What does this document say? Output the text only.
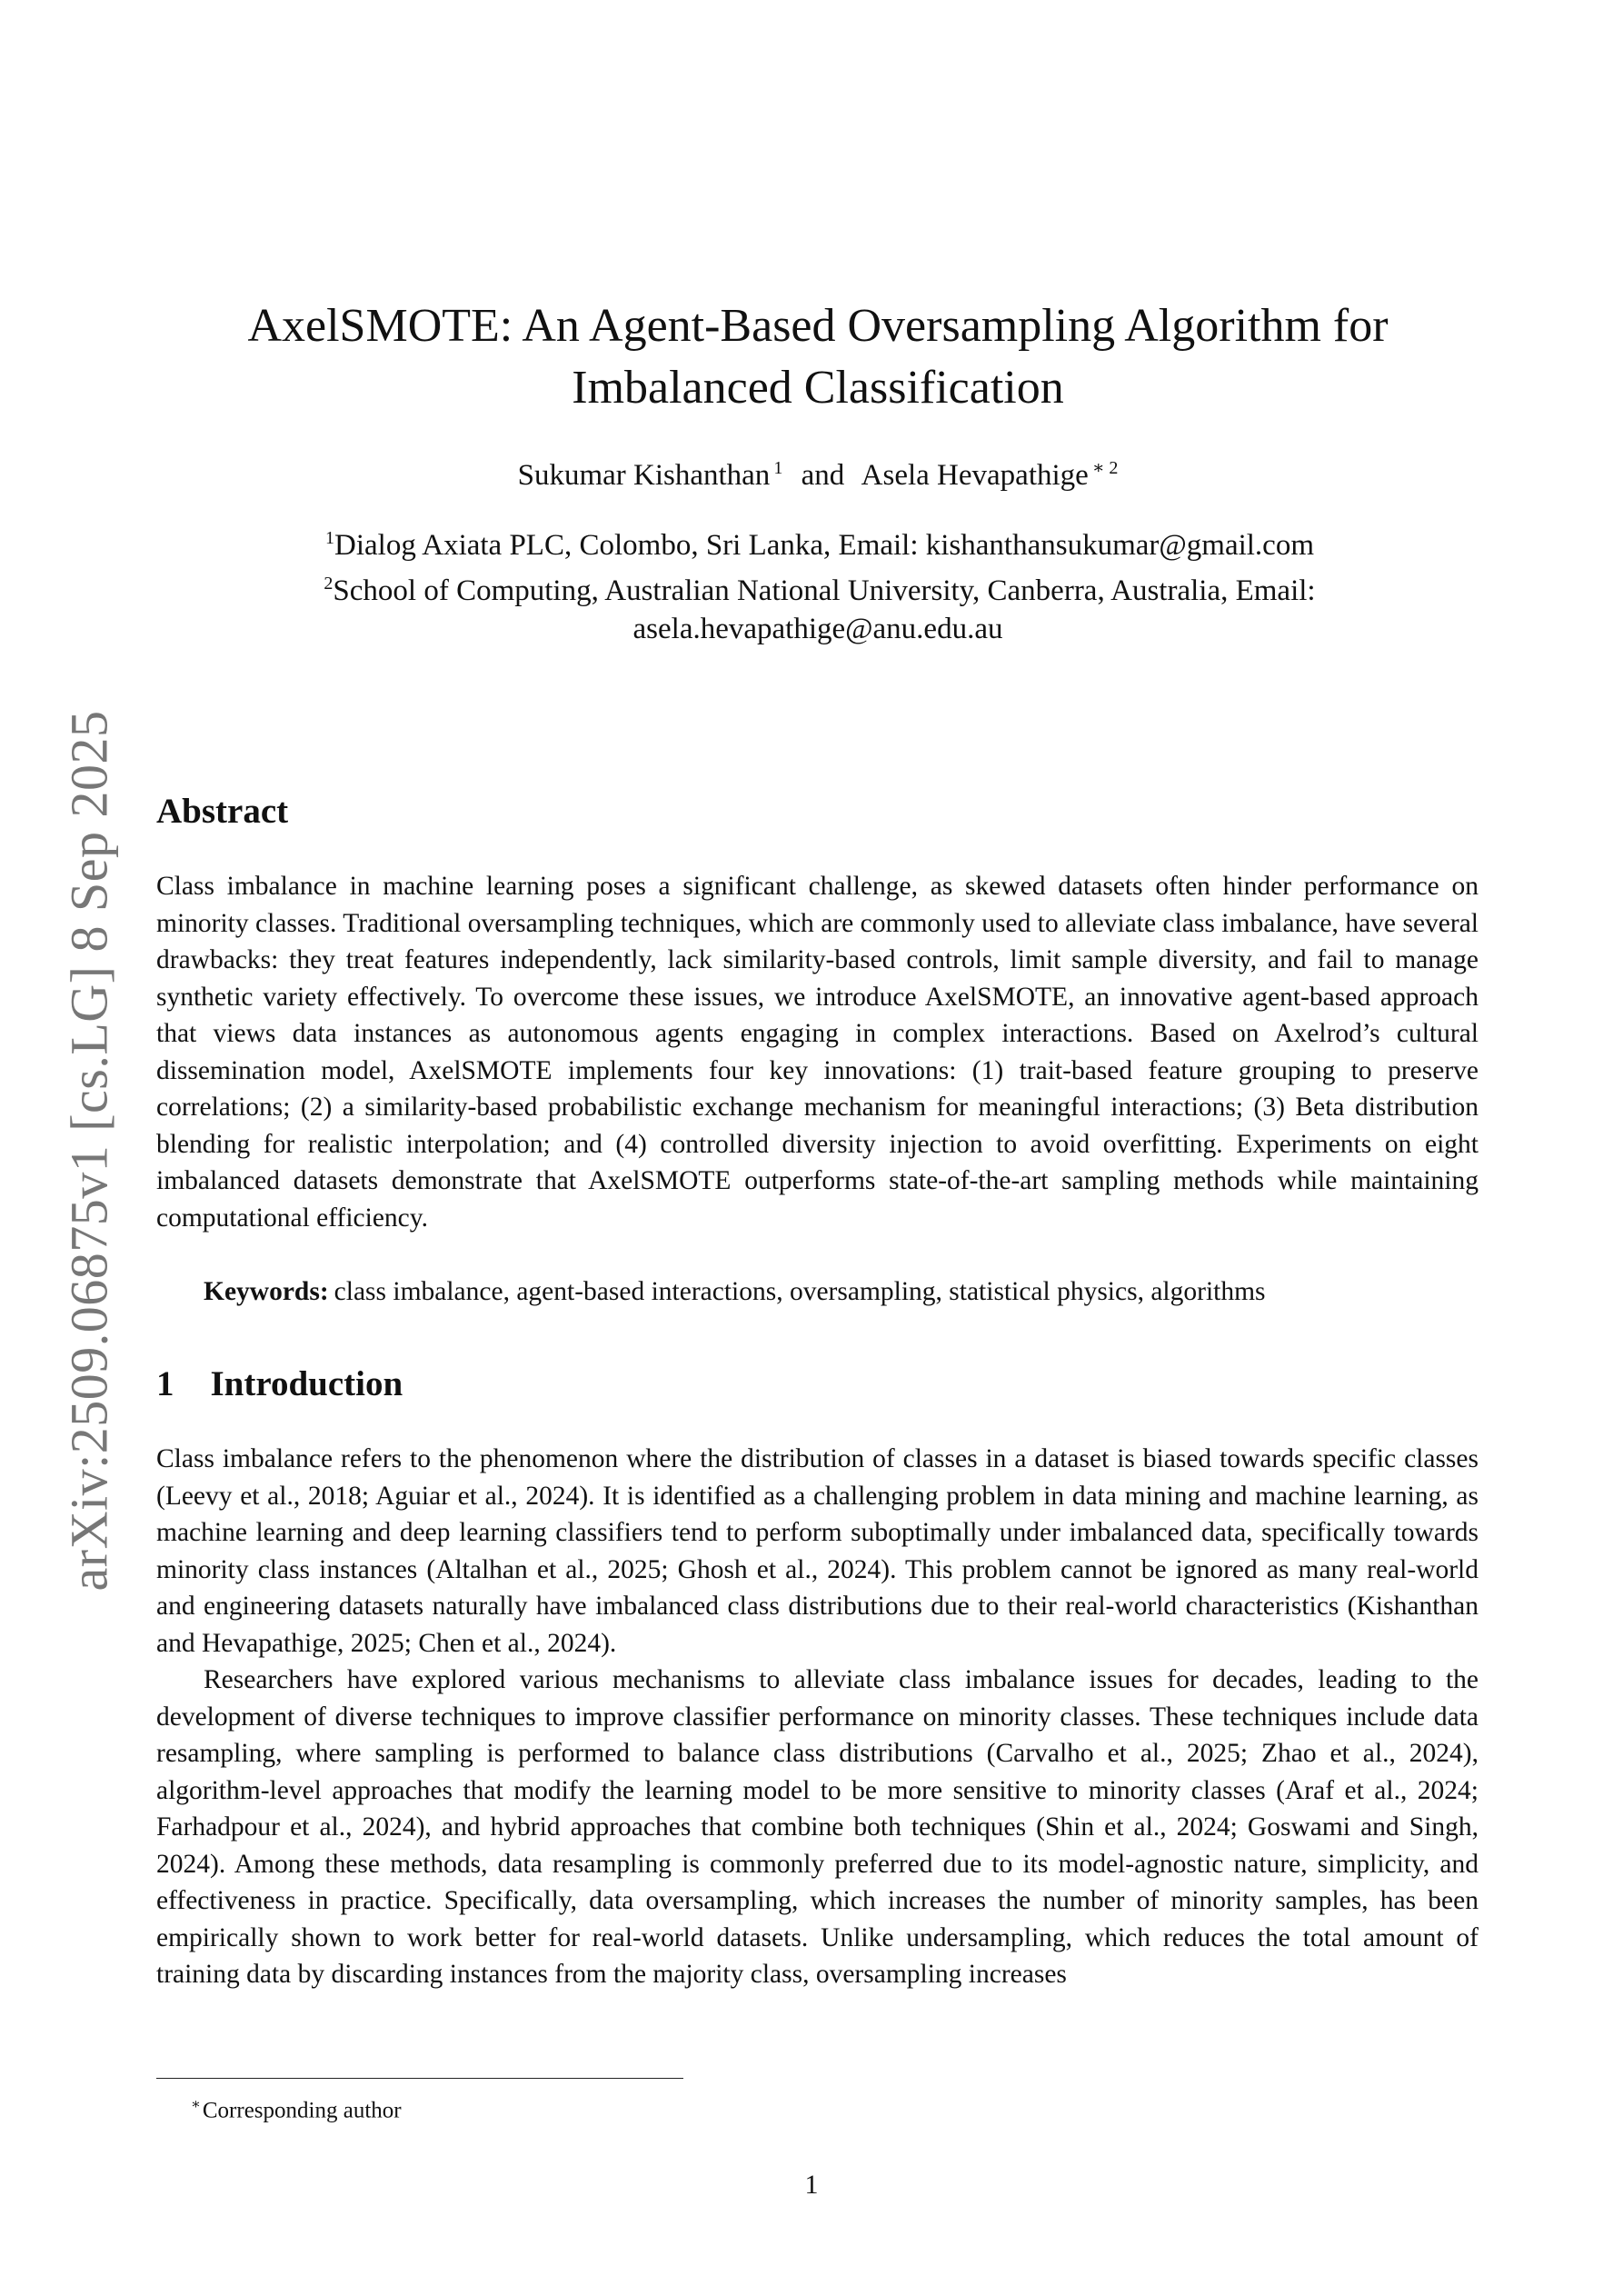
arXiv:2509.06875v1 [cs.LG] 8 Sep 2025
AxelSMOTE: An Agent-Based Oversampling Algorithm for
Imbalanced Classification
Sukumar Kishanthan $^1$ and Asela Hevapathige $^{∗ 2}$
$^1$Dialog Axiata PLC, Colombo, Sri Lanka, Email: kishanthansukumar@gmail.com
$^2$School of Computing, Australian National University, Canberra, Australia, Email:
asela.hevapathige@anu.edu.au
Abstract
Class imbalance in machine learning poses a significant challenge, as skewed datasets often hinder performance on minority classes. Traditional oversampling techniques, which are commonly used to alleviate class imbalance, have several drawbacks: they treat features independently, lack similarity-based controls, limit sample diversity, and fail to manage synthetic variety effectively. To overcome these issues, we introduce AxelSMOTE, an innovative agent-based approach that views data instances as autonomous agents engaging in complex interactions. Based on Axelrod’s cultural dissemination model, AxelSMOTE implements four key innovations: (1) trait-based feature grouping to preserve correlations; (2) a similarity-based probabilistic exchange mechanism for meaningful interactions; (3) Beta distribution blending for realistic interpolation; and (4) controlled diversity injection to avoid overfitting. Experiments on eight imbalanced datasets demonstrate that AxelSMOTE outperforms state-of-the-art sampling methods while maintaining computational efficiency.
Keywords: class imbalance, agent-based interactions, oversampling, statistical physics, algorithms
1 Introduction

Class imbalance refers to the phenomenon where the distribution of classes in a dataset is biased towards specific classes (Leevy et al., 2018; Aguiar et al., 2024). It is identified as a challenging problem in data mining and machine learning, as machine learning and deep learning classifiers tend to perform suboptimally under imbalanced data, specifically towards minority class instances (Altalhan et al., 2025; Ghosh et al., 2024). This problem cannot be ignored as many real-world and engineering datasets naturally have imbalanced class distributions due to their real-world characteristics (Kishanthan and Hevapathige, 2025; Chen et al., 2024).

Researchers have explored various mechanisms to alleviate class imbalance issues for decades, leading to the development of diverse techniques to improve classifier performance on minority classes. These techniques include data resampling, where sampling is performed to balance class distributions (Carvalho et al., 2025; Zhao et al., 2024), algorithm-level approaches that modify the learning model to be more sensitive to minority classes (Araf et al., 2024; Farhadpour et al., 2024), and hybrid approaches that combine both techniques (Shin et al., 2024; Goswami and Singh, 2024). Among these methods, data resampling is commonly preferred due to its model-agnostic nature, simplicity, and effectiveness in practice. Specifically, data oversampling, which increases the number of minority samples, has been empirically shown to work better for real-world datasets. Unlike undersampling, which reduces the total amount of training data by discarding instances from the majority class, oversampling increases

∗Corresponding author
1
